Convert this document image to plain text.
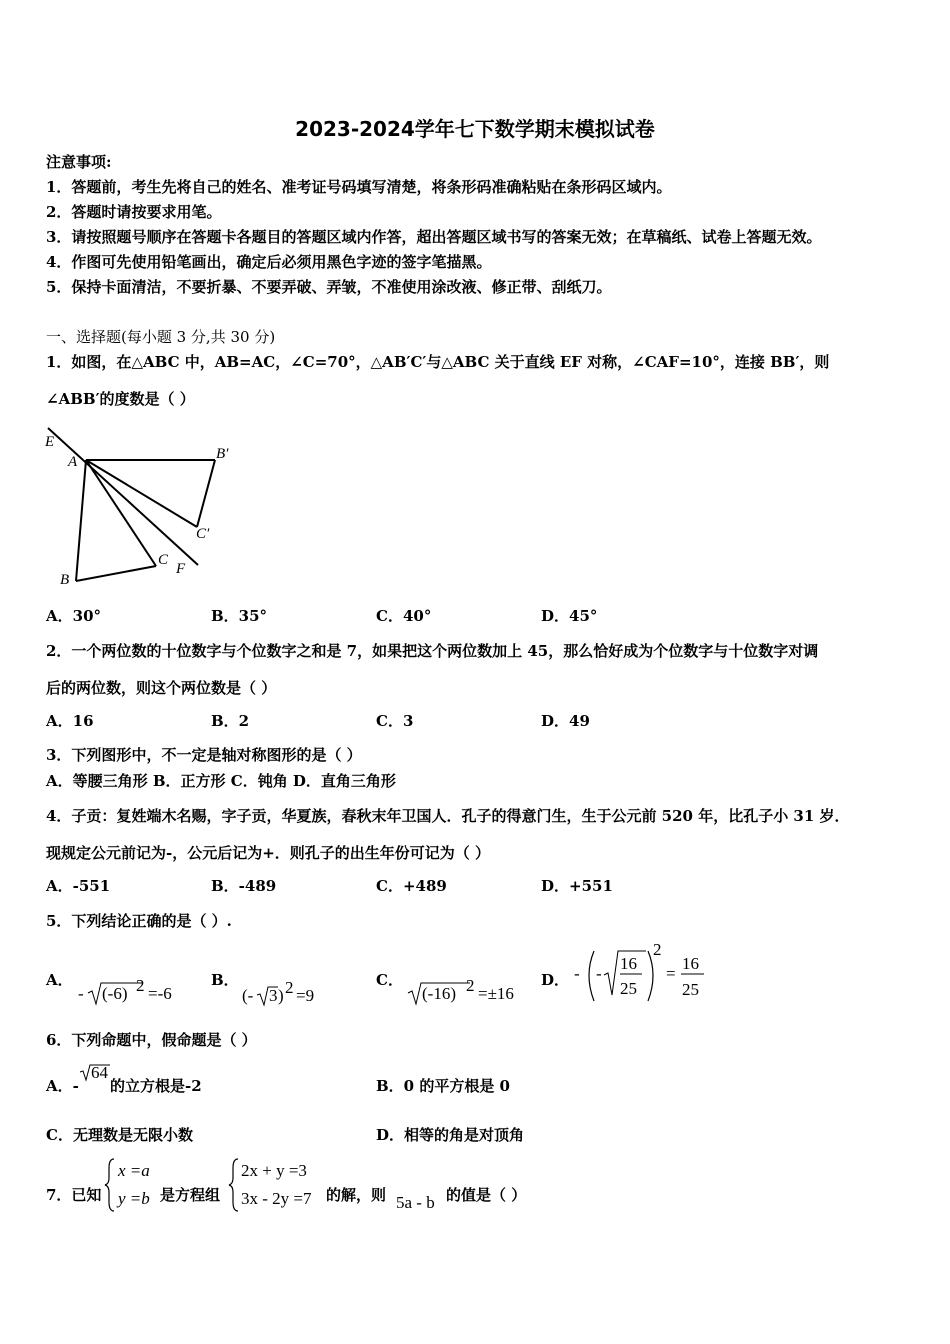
2023-2024学年七下数学期末模拟试卷
注意事项:
1．答题前，考生先将自己的姓名、准考证号码填写清楚，将条形码准确粘贴在条形码区域内。
2．答题时请按要求用笔。
3．请按照题号顺序在答题卡各题目的答题区域内作答，超出答题区域书写的答案无效；在草稿纸、试卷上答题无效。
4．作图可先使用铅笔画出，确定后必须用黑色字迹的签字笔描黑。
5．保持卡面清洁，不要折暴、不要弄破、弄皱，不准使用涂改液、修正带、刮纸刀。
一、选择题(每小题 3 分,共 30 分)
1．如图，在△ABC 中，AB=AC，∠C=70°，△AB′C′与△ABC 关于直线 EF 对称，∠CAF=10°，连接 BB′，则
∠ABB′的度数是（ ）
E
A	B′
C′
C
F
B
A．30°	B．35°	C．40°	D．45°
2．一个两位数的十位数字与个位数字之和是 7，如果把这个两位数加上 45，那么恰好成为个位数字与十位数字对调
后的两位数，则这个两位数是（ ）
A．16	B．2	C．3	D．49
3．下列图形中，不一定是轴对称图形的是（ ）
A．等腰三角形 B．正方形 C．钝角 D．直角三角形
4．子贡：复姓端木名赐，字子贡，华夏族，春秋末年卫国人．孔子的得意门生，生于公元前 520 年，比孔子小 31 岁．
现规定公元前记为-，公元后记为+．则孔子的出生年份可记为（ ）
A．-551	B．-489	C．+489	D．+551
5．下列结论正确的是（ ）.
A．
- (-6) 2 =-6
B．
(- 3 ) 2 =9
C．
(-16) 2 =±16
D． - -
16
25
2
=
16
25
6．下列命题中，假命题是（ ）
A．-
64
的立方根是-2	B．0 的平方根是 0
C．无理数是无限小数	D．相等的角是对顶角
7．已知
x =a
y =b 是方程组
2x + y =3
3x - 2y =7 的解，则 5a - b 的值是（ ）
